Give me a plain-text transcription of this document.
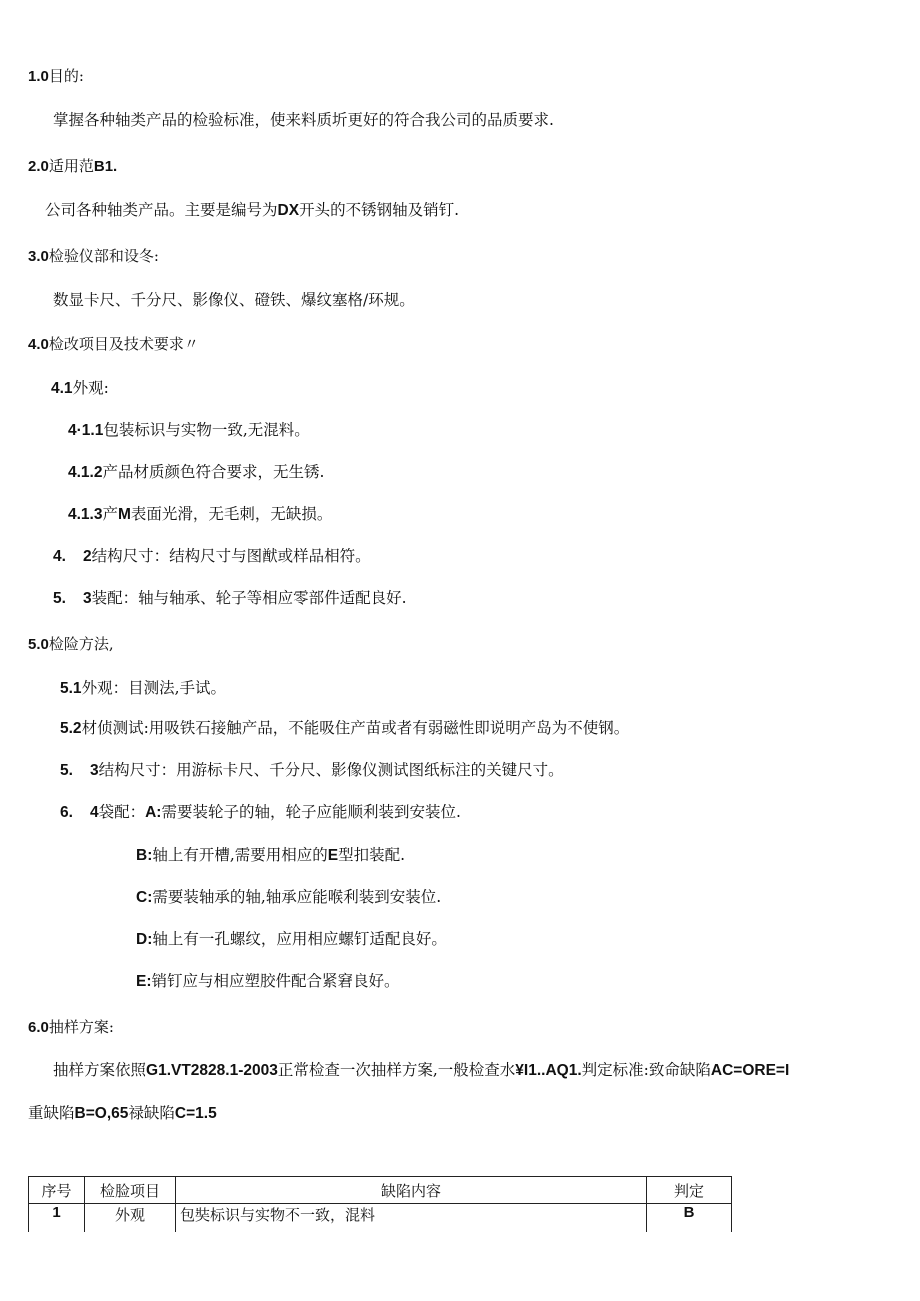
1.0目的:
掌握各种轴类产品的检验标准，使来料质圻更好的符合我公司的品质要求.
2.0适用范B1.
公司各种轴类产品。主要是编号为DX开头的不锈钢轴及销钉.
3.0检验仪部和设冬:
数显卡尺、千分尺、影像仪、磴铁、爆纹塞格/环规。
4.0检改项目及技术要求〃
4.1外观:
4·1.1包装标识与实物一致,无混料。
4.1.2产品材质颜色符合要求，无生锈.
4.1.3产M表面光滑，无毛刺，无缺损。
4. 2结构尺寸：结构尺寸与图猷或样品相符。
5. 3装配：轴与轴承、轮子等相应零部件适配良好.
5.0检险方法,
5.1外观：目测法,手试。
5.2材侦测试:用吸铁石接触产品，不能吸住产苗或者有弱磁性即说明产岛为不使钢。
5. 3结构尺寸：用游标卡尺、千分尺、影像仪测试图纸标注的关键尺寸。
6. 4袋配：A:需要装轮子的轴，轮子应能顺利装到安装位.
B:轴上有开槽,需要用相应的E型扣装配.
C:需要装轴承的轴,轴承应能喉利装到安装位.
D:轴上有一孔螺纹，应用相应螺钉适配良好。
E:销钉应与相应塑胶件配合紧窘良好。
6.0抽样方案:
抽样方案依照G1.VT2828.1-2003正常检查一次抽样方案,一般检查水¥I1..AQ1.判定标准:致命缺陷AC=ORE=I
重缺陷B=O,65禄缺陷C=1.5
序号	检脸项目	缺陷内容	判定
1	外观	包奘标识与实物不一致，混料	B
